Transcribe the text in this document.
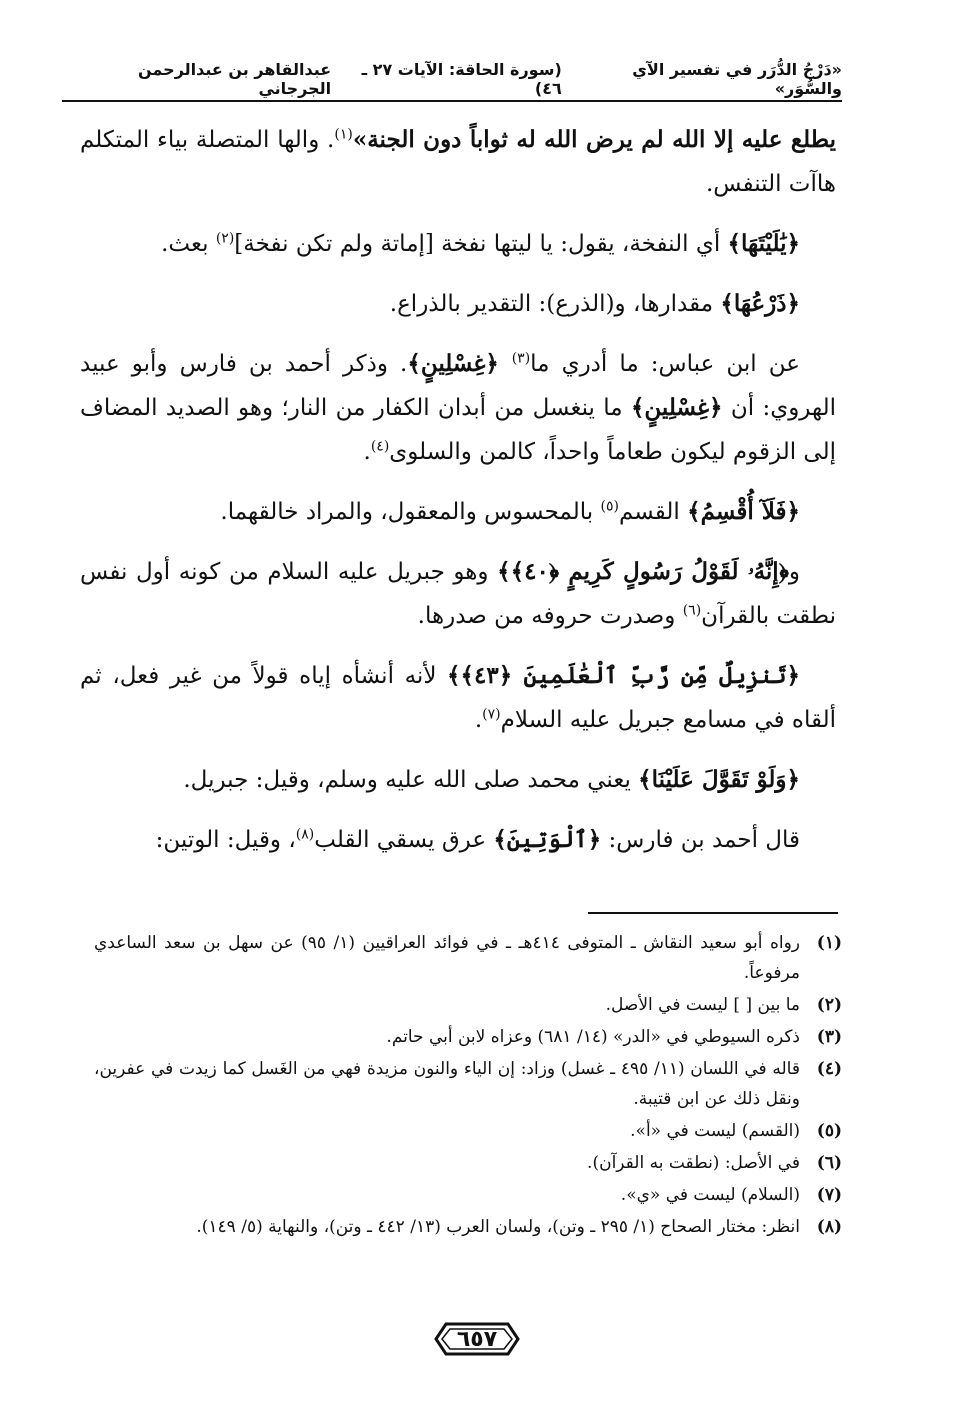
«دَرْجُ الدُّرَر في تفسير الآي والسُّوَر»
(سورة الحاقة: الآيات ٢٧ ـ ٤٦)
عبدالقاهر بن عبدالرحمن الجرجاني

يطلع عليه إلا الله لم يرض الله له ثواباً دون الجنة»$^{(١)}$. والها المتصلة بياء المتكلم هاآت التنفس.

﴿يَٰلَيْتَهَا﴾ أي النفخة، يقول: يا ليتها نفخة [إماتة ولم تكن نفخة]$^{(٢)}$ بعث.

﴿ذَرْعُهَا﴾ مقدارها، و(الذرع): التقدير بالذراع.

عن ابن عباس: ما أدري ما$^{(٣)}$ ﴿غِسْلِينٍ﴾. وذكر أحمد بن فارس وأبو عبيد الهروي: أن ﴿غِسْلِينٍ﴾ ما ينغسل من أبدان الكفار من النار؛ وهو الصديد المضاف إلى الزقوم ليكون طعاماً واحداً، كالمن والسلوى$^{(٤)}$.

﴿فَلَآ أُقْسِمُ﴾ القسم$^{(٥)}$ بالمحسوس والمعقول، والمراد خالقهما.

و﴿إِنَّهُۥ لَقَوْلُ رَسُولٍ كَرِيمٍ ﴿٤٠﴾﴾ وهو جبريل عليه السلام من كونه أول نفس نطقت بالقرآن$^{(٦)}$ وصدرت حروفه من صدرها.

﴿تَنزِيلٌ مِّن رَّبِّ ٱلْعَٰلَمِينَ ﴿٤٣﴾﴾ لأنه أنشأه إياه قولاً من غير فعل، ثم ألقاه في مسامع جبريل عليه السلام$^{(٧)}$.

﴿وَلَوْ تَقَوَّلَ عَلَيْنَا﴾ يعني محمد صلى الله عليه وسلم، وقيل: جبريل.

قال أحمد بن فارس: ﴿ٱلْوَتِينَ﴾ عرق يسقي القلب$^{(٨)}$، وقيل: الوتين:

(١)
رواه أبو سعيد النقاش ـ المتوفى ٤١٤هـ ـ في فوائد العراقيين (١/ ٩٥) عن سهل بن سعد الساعدي مرفوعاً.
(٢)
ما بين [ ] ليست في الأصل.
(٣)
ذكره السيوطي في «الدر» (١٤/ ٦٨١) وعزاه لابن أبي حاتم.
(٤)
قاله في اللسان (١١/ ٤٩٥ ـ غسل) وزاد: إن الياء والنون مزيدة فهي من الغَسل كما زيدت في عفرين، ونقل ذلك عن ابن قتيبة.
(٥)
(القسم) ليست في «أ».
(٦)
في الأصل: (نطقت به القرآن).
(٧)
(السلام) ليست في «ي».
(٨)
انظر: مختار الصحاح (١/ ٢٩٥ ـ وتن)، ولسان العرب (١٣/ ٤٤٢ ـ وتن)، والنهاية (٥/ ١٤٩).
٦٥٧
